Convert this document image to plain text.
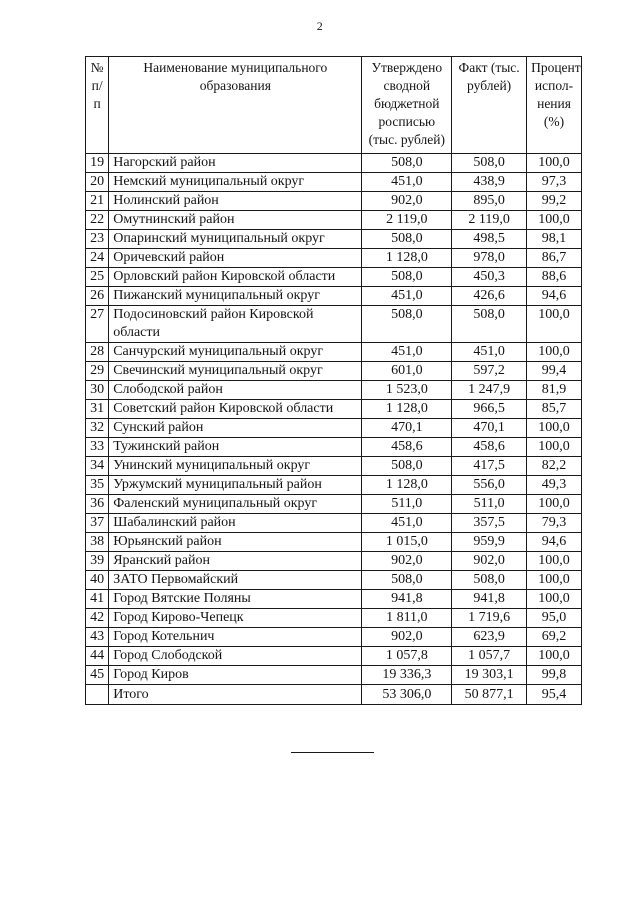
2
№ п/п	Наименование муниципального образования	Утверждено сводной бюджетной росписью (тыс. рублей)	Факт (тыс. рублей)	Процент испол-нения (%)
19	Нагорский район	508,0	508,0	100,0
20	Немский муниципальный округ	451,0	438,9	97,3
21	Нолинский район	902,0	895,0	99,2
22	Омутнинский район	2 119,0	2 119,0	100,0
23	Опаринский муниципальный округ	508,0	498,5	98,1
24	Оричевский район	1 128,0	978,0	86,7
25	Орловский район Кировской области	508,0	450,3	88,6
26	Пижанский муниципальный округ	451,0	426,6	94,6
27	Подосиновский район Кировской области	508,0	508,0	100,0
28	Санчурский муниципальный округ	451,0	451,0	100,0
29	Свечинский муниципальный округ	601,0	597,2	99,4
30	Слободской район	1 523,0	1 247,9	81,9
31	Советский район Кировской области	1 128,0	966,5	85,7
32	Сунский район	470,1	470,1	100,0
33	Тужинский район	458,6	458,6	100,0
34	Унинский муниципальный округ	508,0	417,5	82,2
35	Уржумский муниципальный район	1 128,0	556,0	49,3
36	Фаленский муниципальный округ	511,0	511,0	100,0
37	Шабалинский район	451,0	357,5	79,3
38	Юрьянский район	1 015,0	959,9	94,6
39	Яранский район	902,0	902,0	100,0
40	ЗАТО Первомайский	508,0	508,0	100,0
41	Город Вятские Поляны	941,8	941,8	100,0
42	Город Кирово-Чепецк	1 811,0	1 719,6	95,0
43	Город Котельнич	902,0	623,9	69,2
44	Город Слободской	1 057,8	1 057,7	100,0
45	Город Киров	19 336,3	19 303,1	99,8
	Итого	53 306,0	50 877,1	95,4
